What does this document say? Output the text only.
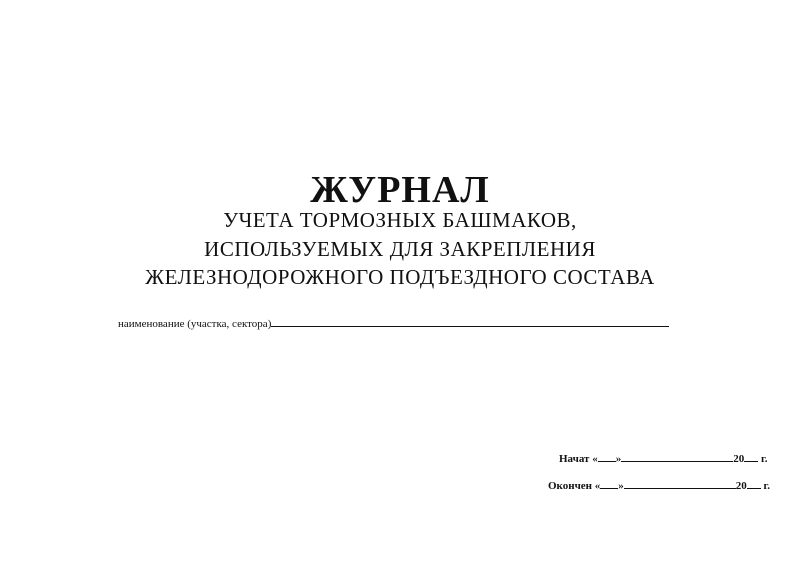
ЖУРНАЛ
УЧЕТА ТОРМОЗНЫХ БАШМАКОВ,
ИСПОЛЬЗУЕМЫХ ДЛЯ ЗАКРЕПЛЕНИЯ
ЖЕЛЕЗНОДОРОЖНОГО ПОДЪЕЗДНОГО СОСТАВА
наименование (участка, сектора)
Начат « »	20 г.
Окончен « »	20 г.
